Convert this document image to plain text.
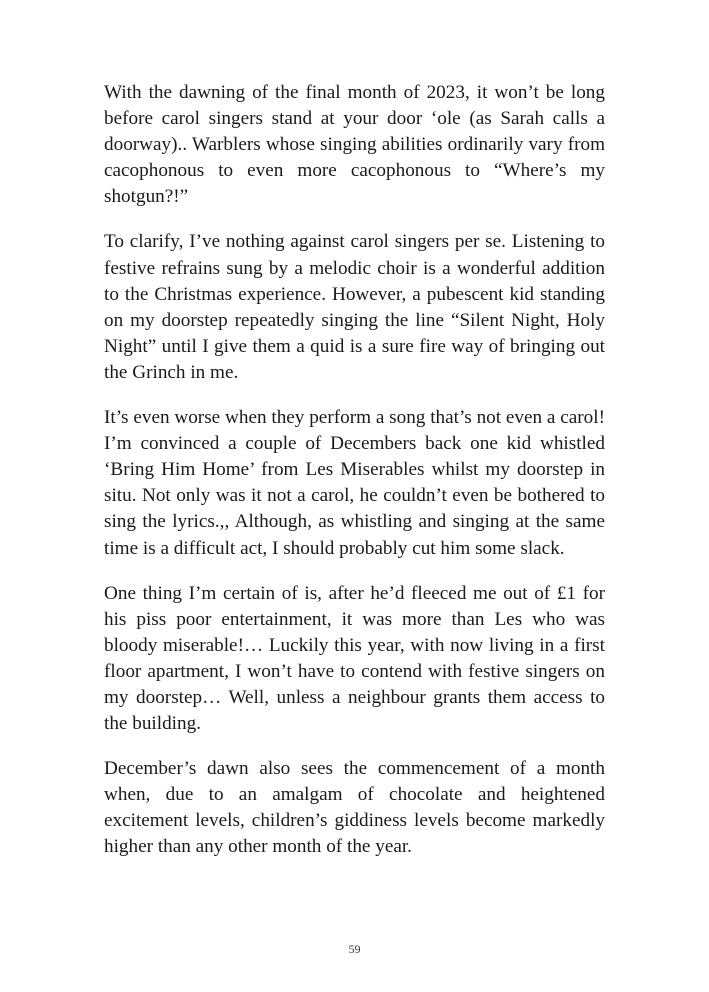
With the dawning of the final month of 2023, it won’t be long before carol singers stand at your door ‘ole (as Sarah calls a doorway).. Warblers whose singing abilities ordinarily vary from cacophonous to even more cacophonous to “Where’s my shotgun?!”

To clarify, I’ve nothing against carol singers per se. Listening to festive refrains sung by a melodic choir is a wonderful addition to the Christmas experience. However, a pubescent kid standing on my doorstep repeatedly singing the line “Silent Night, Holy Night” until I give them a quid is a sure fire way of bringing out the Grinch in me.

It’s even worse when they perform a song that’s not even a carol! I’m convinced a couple of Decembers back one kid whistled ‘Bring Him Home’ from Les Miserables whilst my doorstep in situ. Not only was it not a carol, he couldn’t even be bothered to sing the lyrics.,, Although, as whistling and singing at the same time is a difficult act, I should probably cut him some slack.

One thing I’m certain of is, after he’d fleeced me out of £1 for his piss poor entertainment, it was more than Les who was bloody miserable!… Luckily this year, with now living in a first floor apartment, I won’t have to contend with festive singers on my doorstep… Well, unless a neighbour grants them access to the building.

December’s dawn also sees the commencement of a month when, due to an amalgam of chocolate and heightened excitement levels, children’s giddiness levels become markedly higher than any other month of the year.

59
